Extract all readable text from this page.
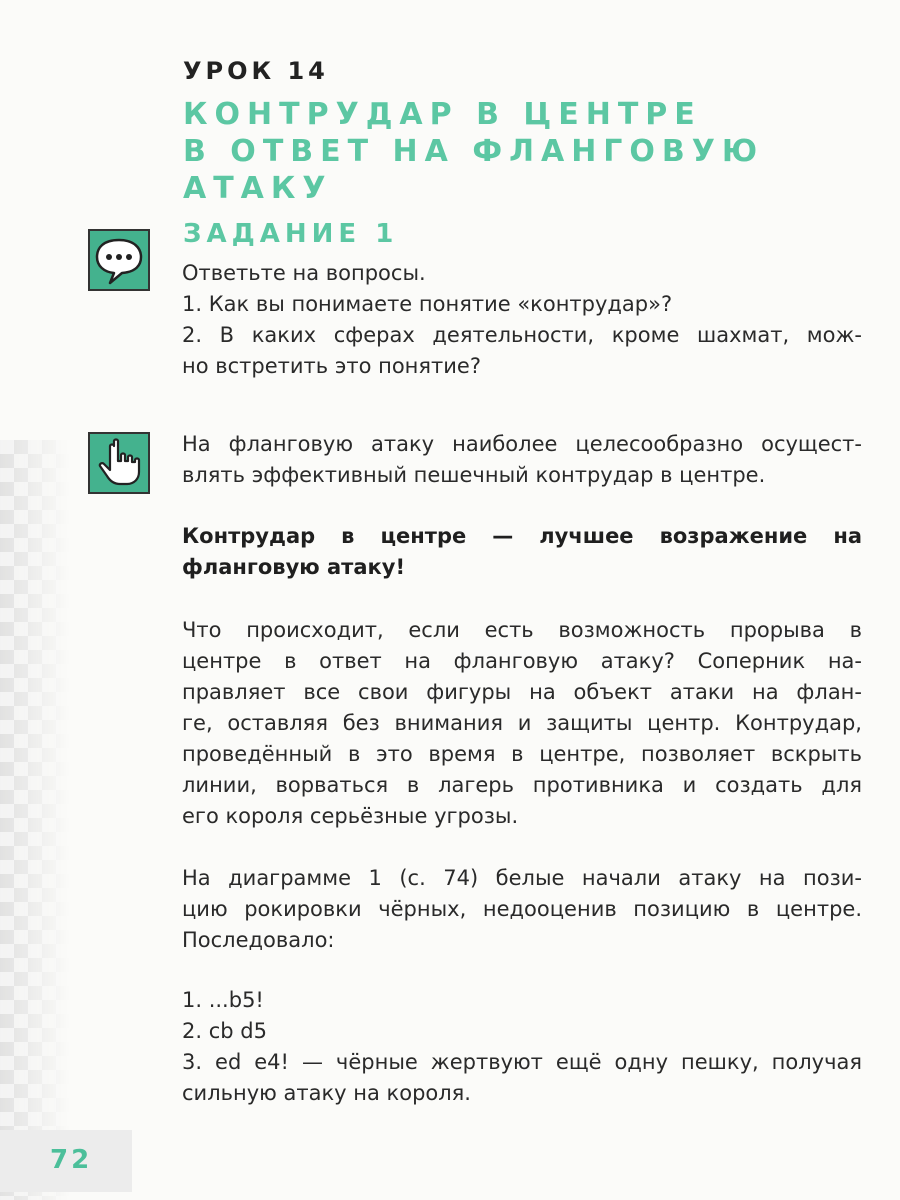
72
УРОК 14
КОНТРУДАР В ЦЕНТРЕ
В ОТВЕТ НА ФЛАНГОВУЮ
АТАКУ
ЗАДАНИЕ 1
Ответьте на вопросы.
1. Как вы понимаете понятие «контрудар»?
2. В каких сферах деятельности, кроме шахмат, мож-
но встретить это понятие?
На фланговую атаку наиболее целесообразно осущест-
влять эффективный пешечный контрудар в центре.
Контрудар в центре — лучшее возражение на
фланговую атаку!
Что происходит, если есть возможность прорыва в
центре в ответ на фланговую атаку? Соперник на-
правляет все свои фигуры на объект атаки на флан-
ге, оставляя без внимания и защиты центр. Контрудар,
проведённый в это время в центре, позволяет вскрыть
линии, ворваться в лагерь противника и создать для
его короля серьёзные угрозы.
На диаграмме 1 (с. 74) белые начали атаку на пози-
цию рокировки чёрных, недооценив позицию в центре.
Последовало:
1. ...b5!
2. cb d5
3. ed e4! — чёрные жертвуют ещё одну пешку, получая
сильную атаку на короля.
